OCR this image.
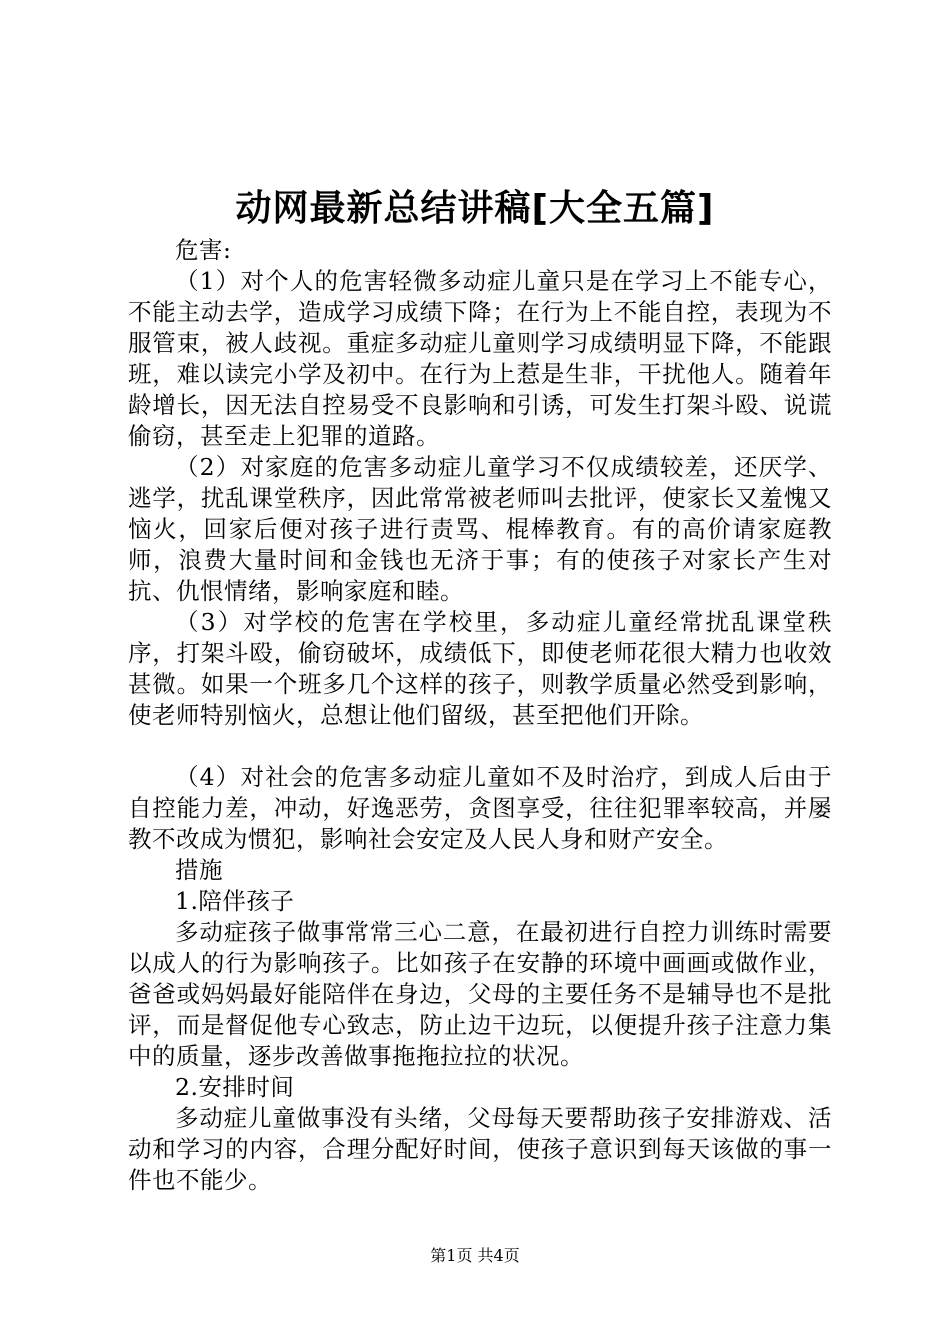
动网最新总结讲稿[大全五篇]

危害:

（1）对个人的危害轻微多动症儿童只是在学习上不能专心，不能主动去学，造成学习成绩下降；在行为上不能自控，表现为不服管束，被人歧视。重症多动症儿童则学习成绩明显下降，不能跟班，难以读完小学及初中。在行为上惹是生非，干扰他人。随着年龄增长，因无法自控易受不良影响和引诱，可发生打架斗殴、说谎偷窃，甚至走上犯罪的道路。

（2）对家庭的危害多动症儿童学习不仅成绩较差，还厌学、逃学，扰乱课堂秩序，因此常常被老师叫去批评，使家长又羞愧又恼火，回家后便对孩子进行责骂、棍棒教育。有的高价请家庭教师，浪费大量时间和金钱也无济于事；有的使孩子对家长产生对抗、仇恨情绪，影响家庭和睦。

（3）对学校的危害在学校里，多动症儿童经常扰乱课堂秩序，打架斗殴，偷窃破坏，成绩低下，即使老师花很大精力也收效甚微。如果一个班多几个这样的孩子，则教学质量必然受到影响，使老师特别恼火，总想让他们留级，甚至把他们开除。

（4）对社会的危害多动症儿童如不及时治疗，到成人后由于自控能力差，冲动，好逸恶劳，贪图享受，往往犯罪率较高，并屡教不改成为惯犯，影响社会安定及人民人身和财产安全。

措施

1.陪伴孩子

多动症孩子做事常常三心二意，在最初进行自控力训练时需要以成人的行为影响孩子。比如孩子在安静的环境中画画或做作业，爸爸或妈妈最好能陪伴在身边，父母的主要任务不是辅导也不是批评，而是督促他专心致志，防止边干边玩，以便提升孩子注意力集中的质量，逐步改善做事拖拖拉拉的状况。

2.安排时间

多动症儿童做事没有头绪，父母每天要帮助孩子安排游戏、活动和学习的内容，合理分配好时间，使孩子意识到每天该做的事一件也不能少。

第1页 共4页
